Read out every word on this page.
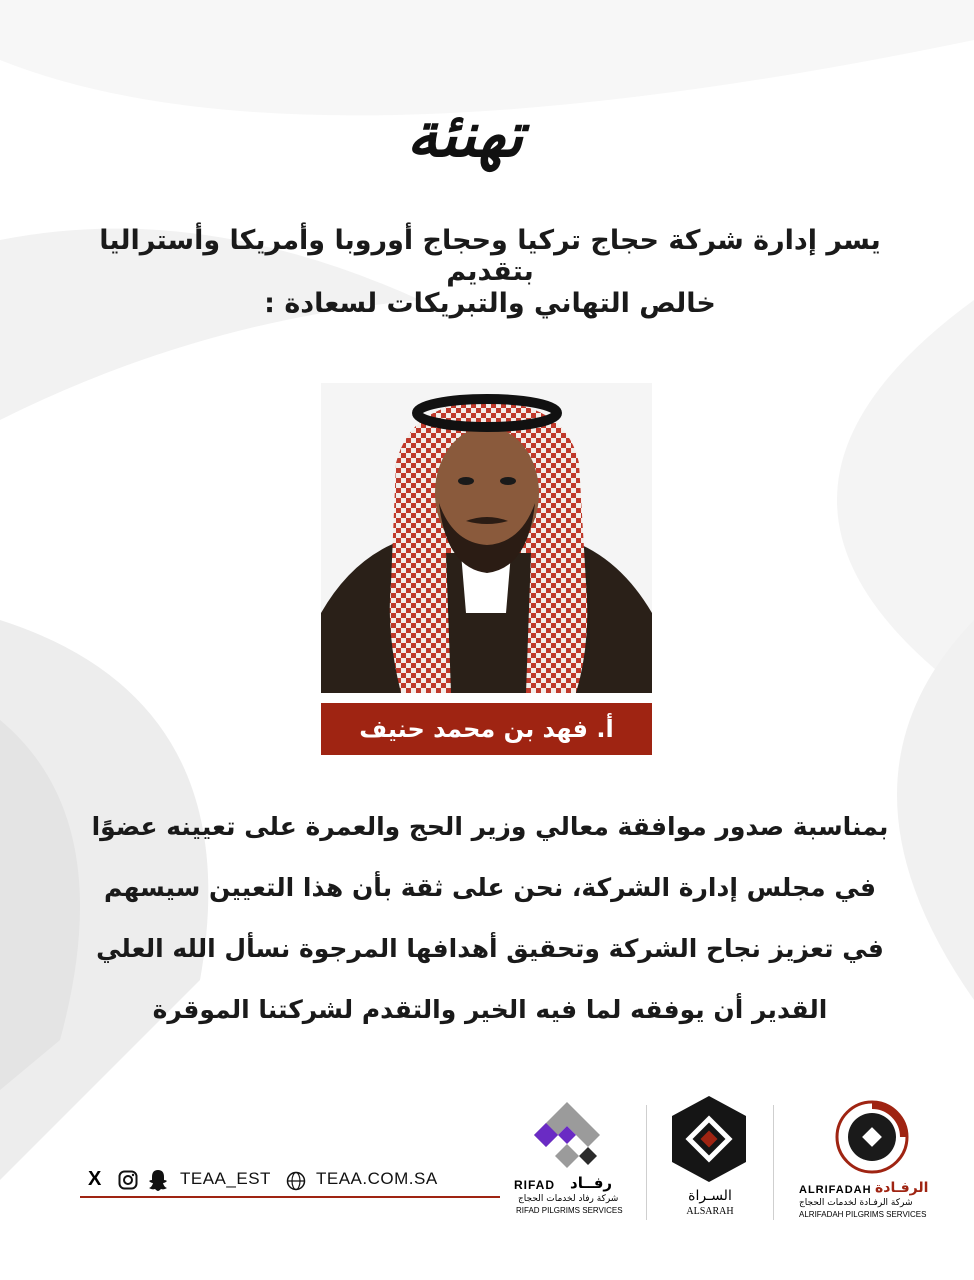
تهنئة
يسر إدارة شركة حجاج تركيا وحجاج أوروبا وأمريكا وأستراليا بتقديم
خالص التهاني والتبريكات لسعادة :
أ. فهد بن محمد حنيف
بمناسبة صدور موافقة معالي وزير الحج والعمرة على تعيينه عضوًا
في مجلس إدارة الشركة، نحن على ثقة بأن هذا التعيين سيسهم
في تعزيز نجاح الشركة وتحقيق أهدافها المرجوة نسأل الله العلي
القدير أن يوفقه لما فيه الخير والتقدم لشركتنا الموقرة
X	TEAA_EST	TEAA.COM.SA	RIFAD رفــاد
شركة رفاد لخدمات الحجاج
RIFAD PILGRIMS SERVICES
السـراة
ALSARAH
ALRIFADAH الرفـادة
شركة الرفـادة لخدمات الحجاج
ALRIFADAH PILGRIMS SERVICES
